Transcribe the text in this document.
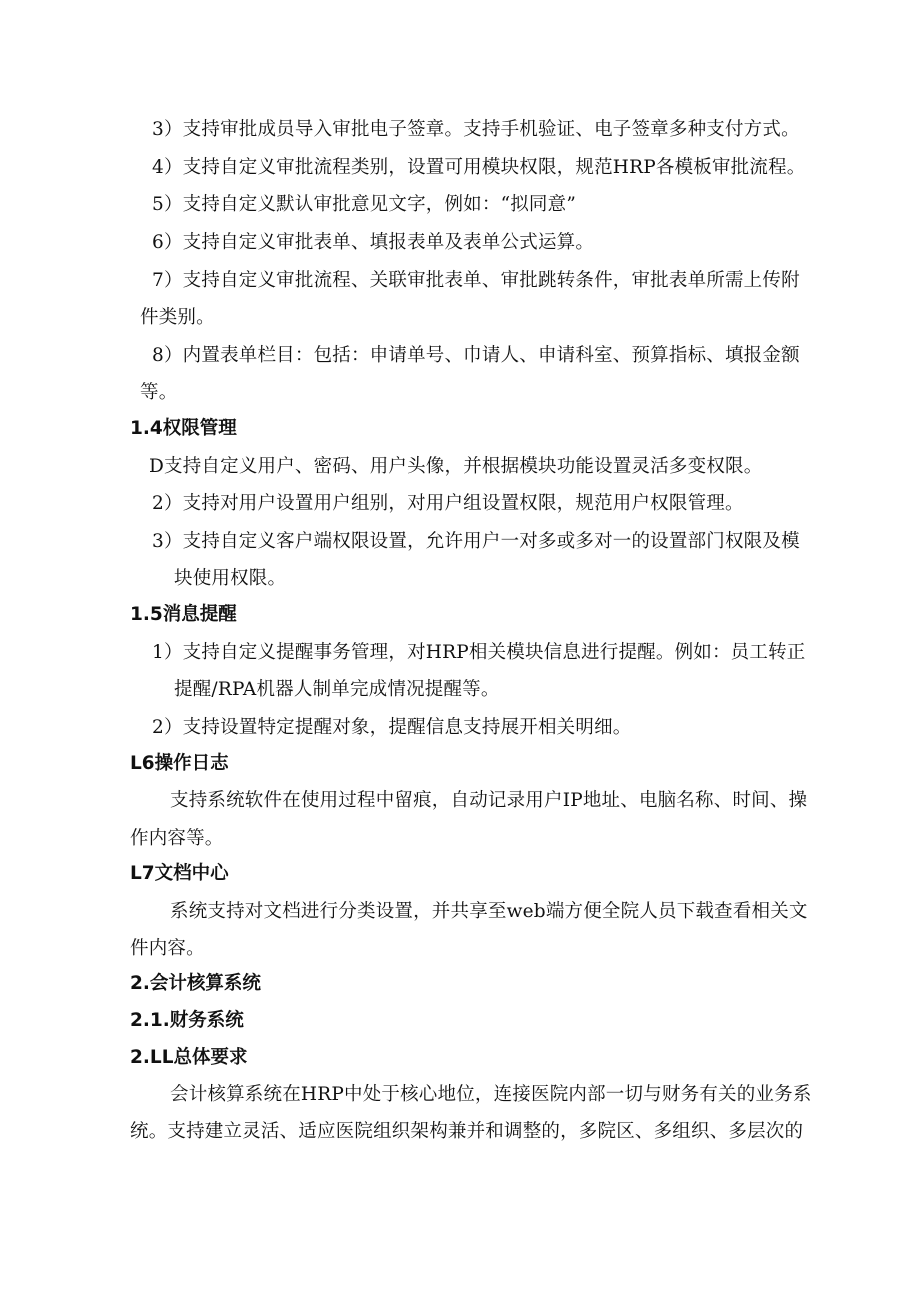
3）支持审批成员导入审批电子签章。支持手机验证、电子签章多种支付方式。
4）支持自定义审批流程类别，设置可用模块权限，规范HRP各模板审批流程。
5）支持自定义默认审批意见文字，例如：“拟同意”
6）支持自定义审批表单、填报表单及表单公式运算。
7）支持自定义审批流程、关联审批表单、审批跳转条件，审批表单所需上传附
件类别。
8）内置表单栏目：包括：申请单号、巾请人、申请科室、预算指标、填报金额
等。
1.4权限管理
D支持自定义用户、密码、用户头像，并根据模块功能设置灵活多变权限。
2）支持对用户设置用户组别，对用户组设置权限，规范用户权限管理。
3）支持自定义客户端权限设置，允许用户一对多或多对一的设置部门权限及模
块使用权限。
1.5消息提醒
1）支持自定义提醒事务管理，对HRP相关模块信息进行提醒。例如：员工转正
提醒/RPA机器人制单完成情况提醒等。
2）支持设置特定提醒对象，提醒信息支持展开相关明细。
L6操作日志
支持系统软件在使用过程中留痕，自动记录用户IP地址、电脑名称、时间、操
作内容等。
L7文档中心
系统支持对文档进行分类设置，并共享至web端方便全院人员下载查看相关文
件内容。
2.会计核算系统
2.1.财务系统
2.LL总体要求
会计核算系统在HRP中处于核心地位，连接医院内部一切与财务有关的业务系
统。支持建立灵活、适应医院组织架构兼并和调整的，多院区、多组织、多层次的
